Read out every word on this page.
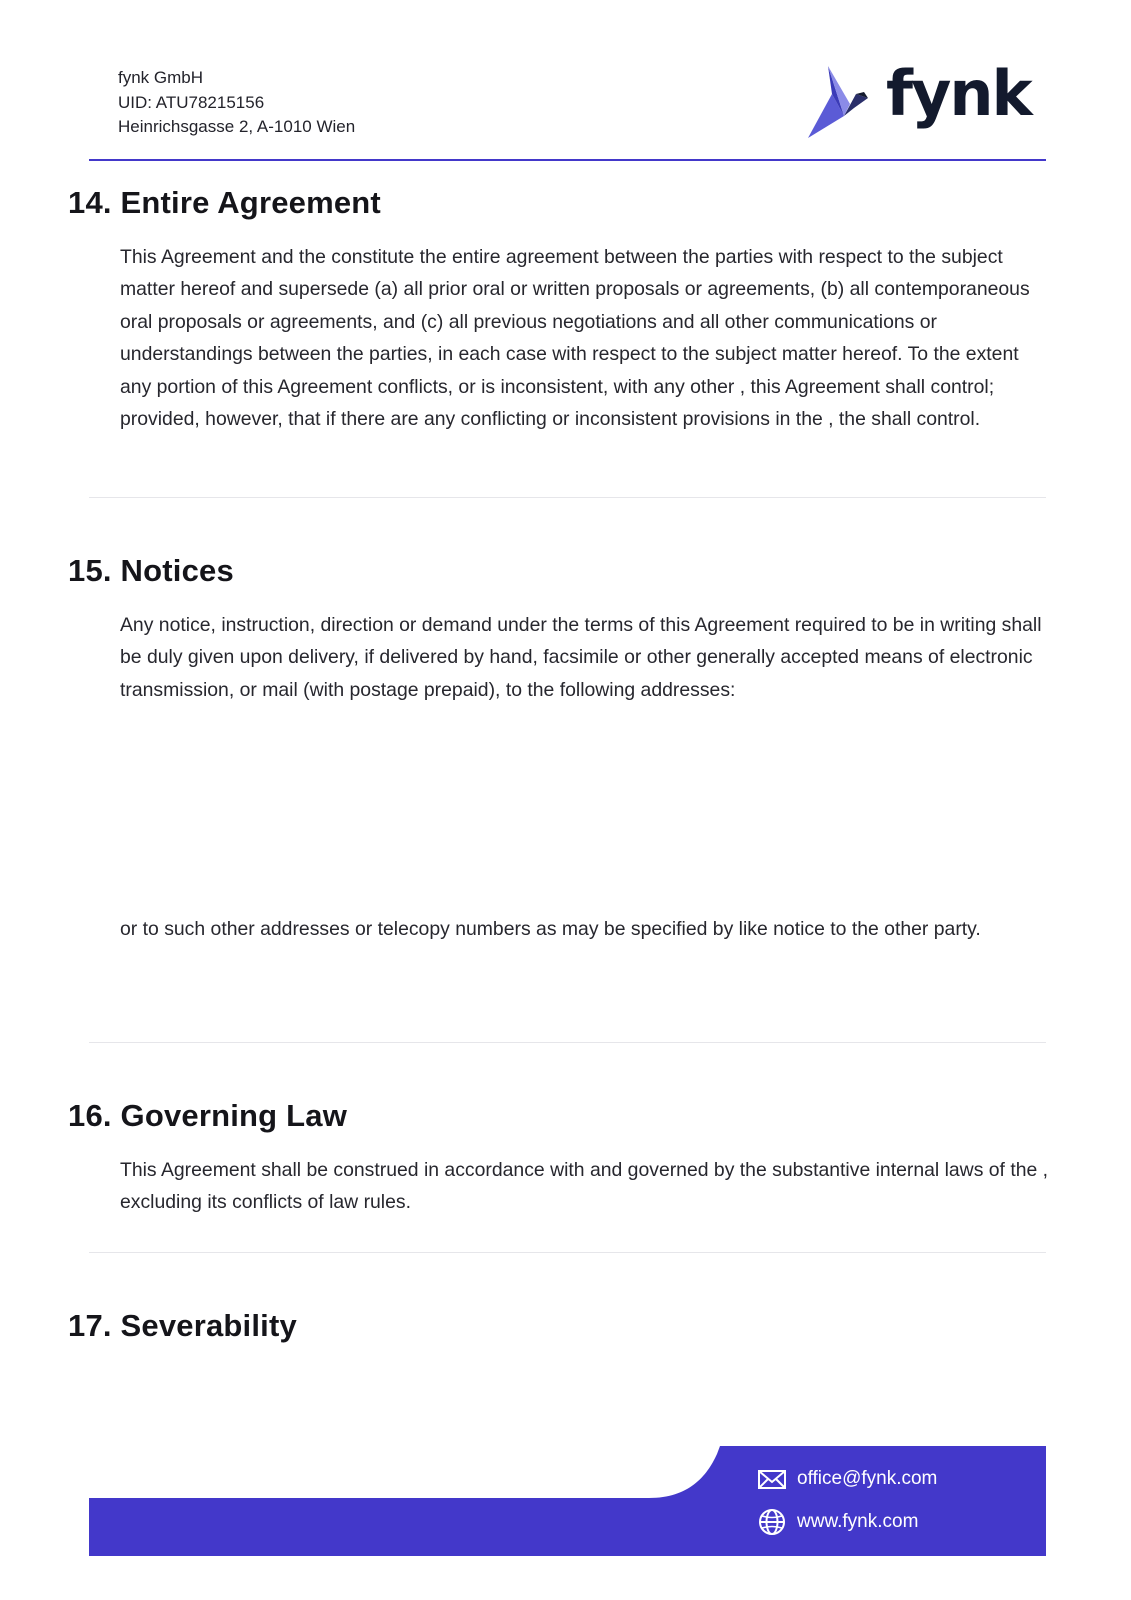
fynk GmbH
UID: ATU78215156
Heinrichsgasse 2, A-1010 Wien	fynk
14. Entire Agreement

This Agreement and the constitute the entire agreement between the parties with respect to the subject matter hereof and supersede (a) all prior oral or written proposals or agreements, (b) all contemporaneous oral proposals or agreements, and (c) all previous negotiations and all other communications or understandings between the parties, in each case with respect to the subject matter hereof. To the extent any portion of this Agreement conflicts, or is inconsistent, with any other , this Agreement shall control; provided, however, that if there are any conflicting or inconsistent provisions in the , the shall control.

15. Notices

Any notice, instruction, direction or demand under the terms of this Agreement required to be in writing shall be duly given upon delivery, if delivered by hand, facsimile or other generally accepted means of electronic transmission, or mail (with postage prepaid), to the following addresses:

or to such other addresses or telecopy numbers as may be specified by like notice to the other party.

16. Governing Law

This Agreement shall be construed in accordance with and governed by the substantive internal laws of the , excluding its conflicts of law rules.

17. Severability
office@fynk.com
www.fynk.com
